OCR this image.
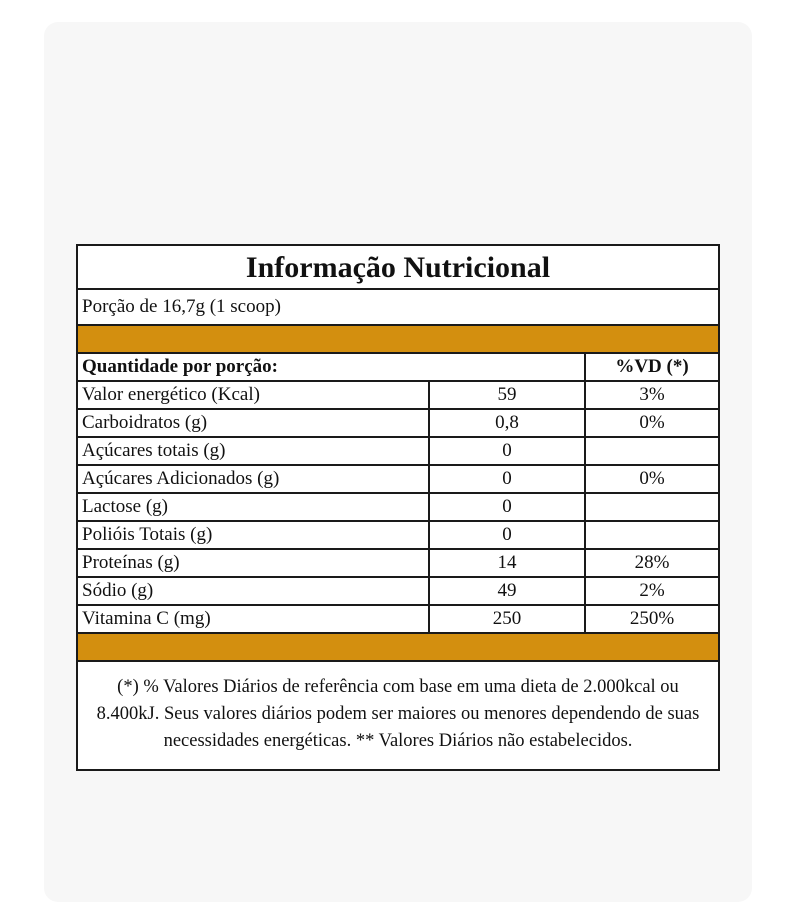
Informação Nutricional
Porção de 16,7g (1 scoop)
Quantidade por porção:		%VD (*)
Valor energético (Kcal)	59	3%
Carboidratos (g)	0,8	0%
Açúcares totais (g)	0	
Açúcares Adicionados (g)	0	0%
Lactose (g)	0	
Polióis Totais (g)	0	
Proteínas (g)	14	28%
Sódio (g)	49	2%
Vitamina C (mg)	250	250%
(*) % Valores Diários de referência com base em uma dieta de 2.000kcal ou 8.400kJ. Seus valores diários podem ser maiores ou menores dependendo de suas necessidades energéticas. ** Valores Diários não estabelecidos.
